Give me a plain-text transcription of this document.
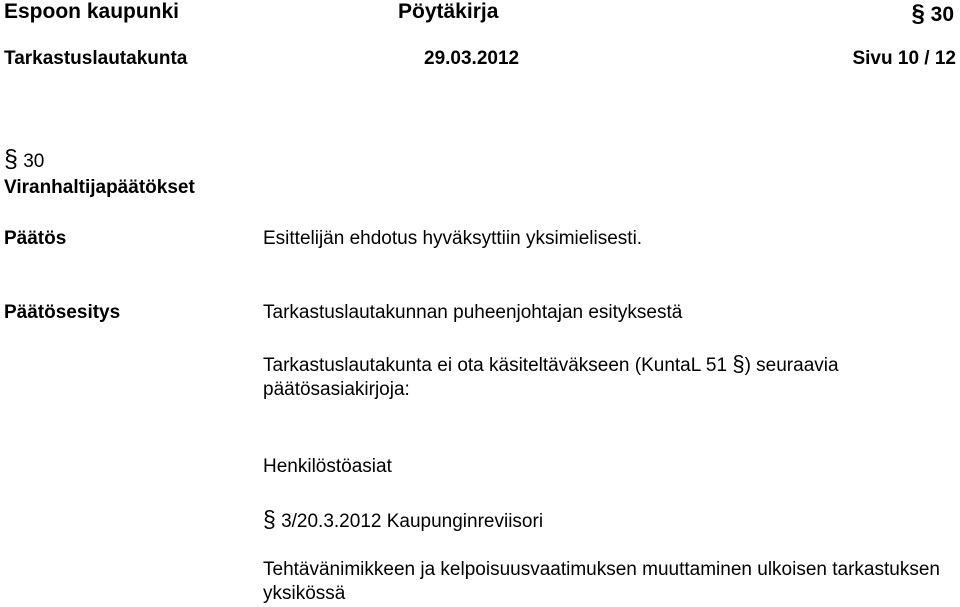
Espoon kaupunki	Pöytäkirja	§ 30
Tarkastuslautakunta	29.03.2012	Sivu 10 / 12
§ 30
Viranhaltijapäätökset
Päätös	Esittelijän ehdotus hyväksyttiin yksimielisesti.
Päätösesitys	Tarkastuslautakunnan puheenjohtajan esityksestä
Tarkastuslautakunta ei ota käsiteltäväkseen (KuntaL 51 §) seuraavia päätösasiakirjoja:
Henkilöstöasiat
§ 3/20.3.2012 Kaupunginreviisori
Tehtävänimikkeen ja kelpoisuusvaatimuksen muuttaminen ulkoisen tarkastuksen yksikössä
